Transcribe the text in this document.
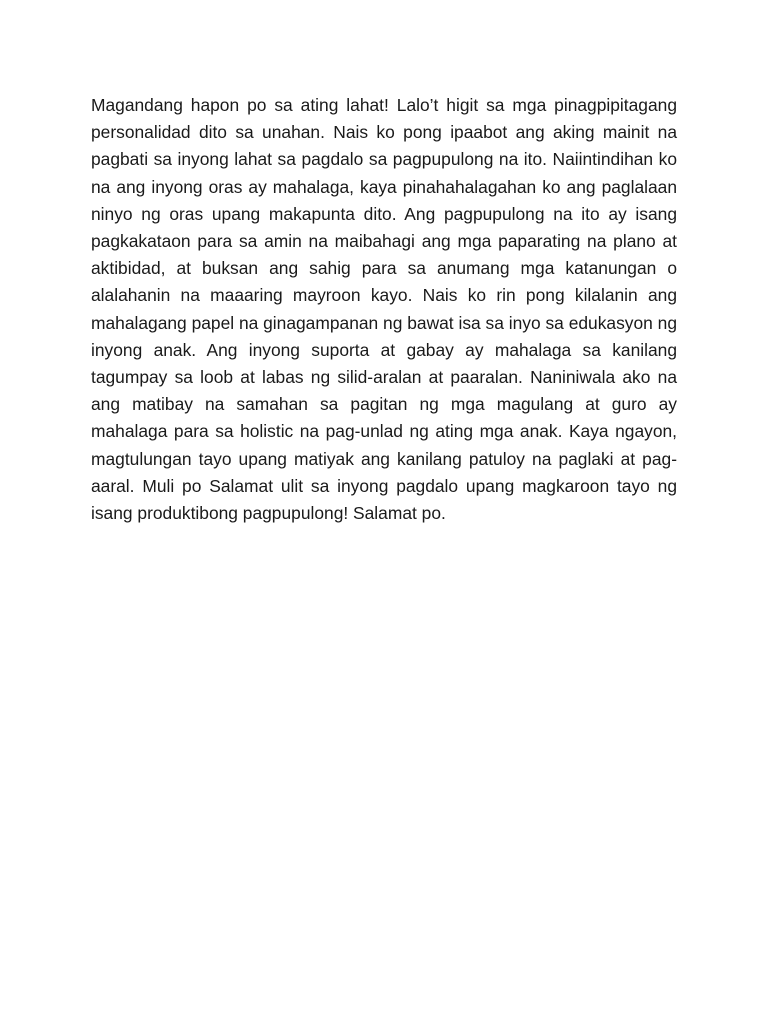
Magandang hapon po sa ating lahat! Lalo’t higit sa mga pinagpipitagang personalidad dito sa unahan. Nais ko pong ipaabot ang aking mainit na pagbati sa inyong lahat sa pagdalo sa pagpupulong na ito. Naiintindihan ko na ang inyong oras ay mahalaga, kaya pinahahalagahan ko ang paglalaan ninyo ng oras upang makapunta dito. Ang pagpupulong na ito ay isang pagkakataon para sa amin na maibahagi ang mga paparating na plano at aktibidad, at buksan ang sahig para sa anumang mga katanungan o alalahanin na maaaring mayroon kayo. Nais ko rin pong kilalanin ang mahalagang papel na ginagampanan ng bawat isa sa inyo sa edukasyon ng inyong anak. Ang inyong suporta at gabay ay mahalaga sa kanilang tagumpay sa loob at labas ng silid-aralan at paaralan. Naniniwala ako na ang matibay na samahan sa pagitan ng mga magulang at guro ay mahalaga para sa holistic na pag-unlad ng ating mga anak. Kaya ngayon, magtulungan tayo upang matiyak ang kanilang patuloy na paglaki at pag-aaral. Muli po Salamat ulit sa inyong pagdalo upang magkaroon tayo ng isang produktibong pagpupulong! Salamat po.
